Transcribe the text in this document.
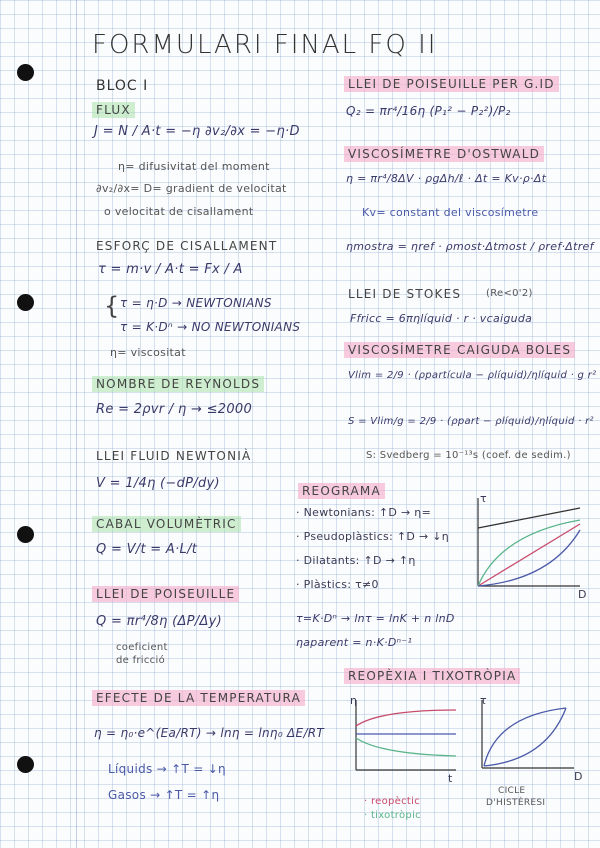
FORMULARI FINAL FQ II
BLOC I
FLUX
J = N / A·t = −η ∂v₂/∂x = −η·D
η= difusivitat del moment
∂v₂/∂x= D= gradient de velocitat
o velocitat de cisallament
ESFORÇ DE CISALLAMENT
τ = m·v / A·t = Fx / A
{ τ = η·D → NEWTONIANS
τ = K·Dⁿ → NO NEWTONIANS
η= viscositat
NOMBRE DE REYNOLDS
Re = 2ρvr / η → ≤2000
LLEI FLUID NEWTONIÀ
V = 1/4η (−dP/dy)
CABAL VOLUMÈTRIC
Q = V/t = A·L/t
LLEI DE POISEUILLE
Q = πr⁴/8η (ΔP/Δy)
coeficient
de fricció
EFECTE DE LA TEMPERATURA
η = η₀·e^(Ea/RT) → lnη = lnη₀ ΔE/RT
Líquids → ↑T = ↓η
Gasos → ↑T = ↑η
LLEI DE POISEUILLE PER G.ID
Q₂ = πr⁴/16η (P₁² − P₂²)/P₂
VISCOSÍMETRE D'OSTWALD
η = πr⁴/8ΔV · ρgΔh/ℓ · Δt = Kv·ρ·Δt
Kv= constant del viscosímetre
ηmostra = ηref · ρmost·Δtmost / ρref·Δtref
LLEI DE STOKES	(Re<0'2)
Ffricc = 6πηlíquid · r · vcaiguda
VISCOSÍMETRE CAIGUDA BOLES
Vlim = 2/9 · (ρpartícula − ρlíquid)/ηlíquid · g r²
S = Vlim/g = 2/9 · (ρpart − ρlíquid)/ηlíquid · r²
S: Svedberg = 10⁻¹³s (coef. de sedim.)
REOGRAMA
· Newtonians: ↑D → η=
· Pseudoplàstics: ↑D → ↓η
· Dilatants: ↑D → ↑η
· Plàstics: τ≠0
τ=K·Dⁿ → lnτ = lnK + n lnD
ηaparent = n·K·Dⁿ⁻¹
τ
D
REOPÈXIA I TIXOTRÒPIA
η
t
τ
D
CICLE
D'HISTÈRESI
· reopèctic
· tixotròpic
